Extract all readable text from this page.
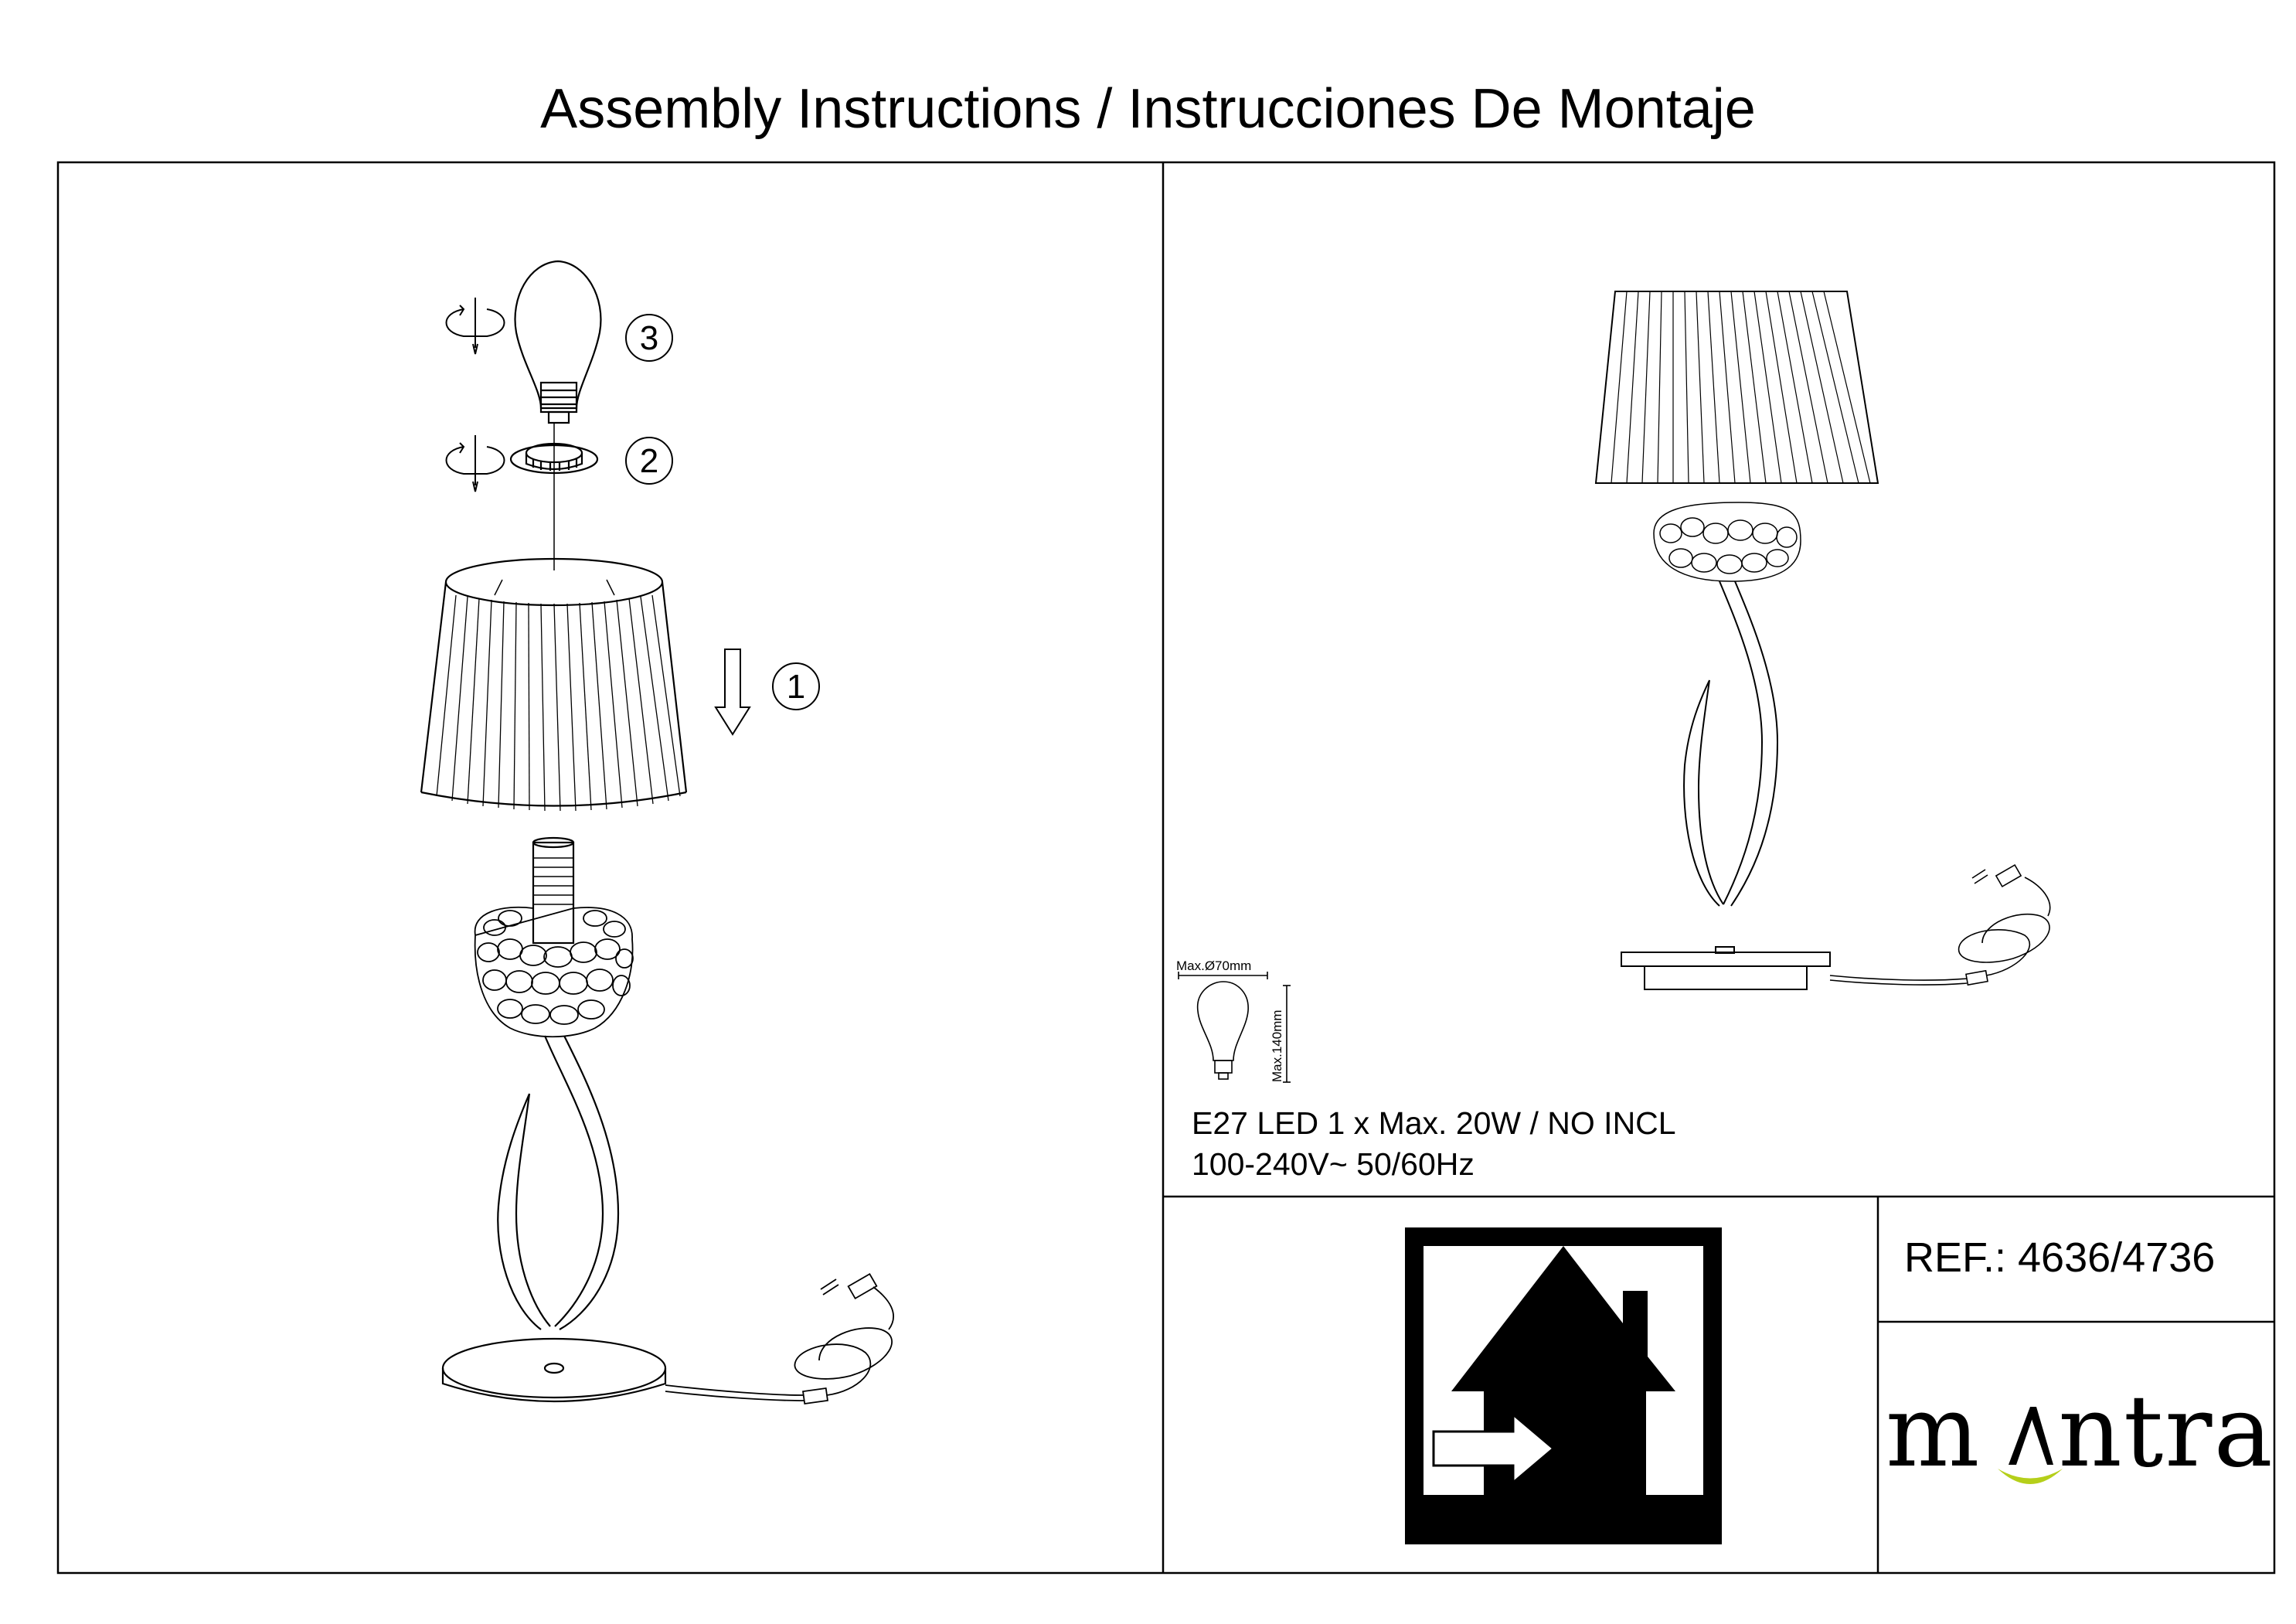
3
2
1
Max.Ø70mm
Max.140mm
Assembly Instructions / Instrucciones De Montaje
E27 LED 1 x Max. 20W / NO INCL
100-240V~ 50/60Hz
REF.: 4636/4736
m ntra
